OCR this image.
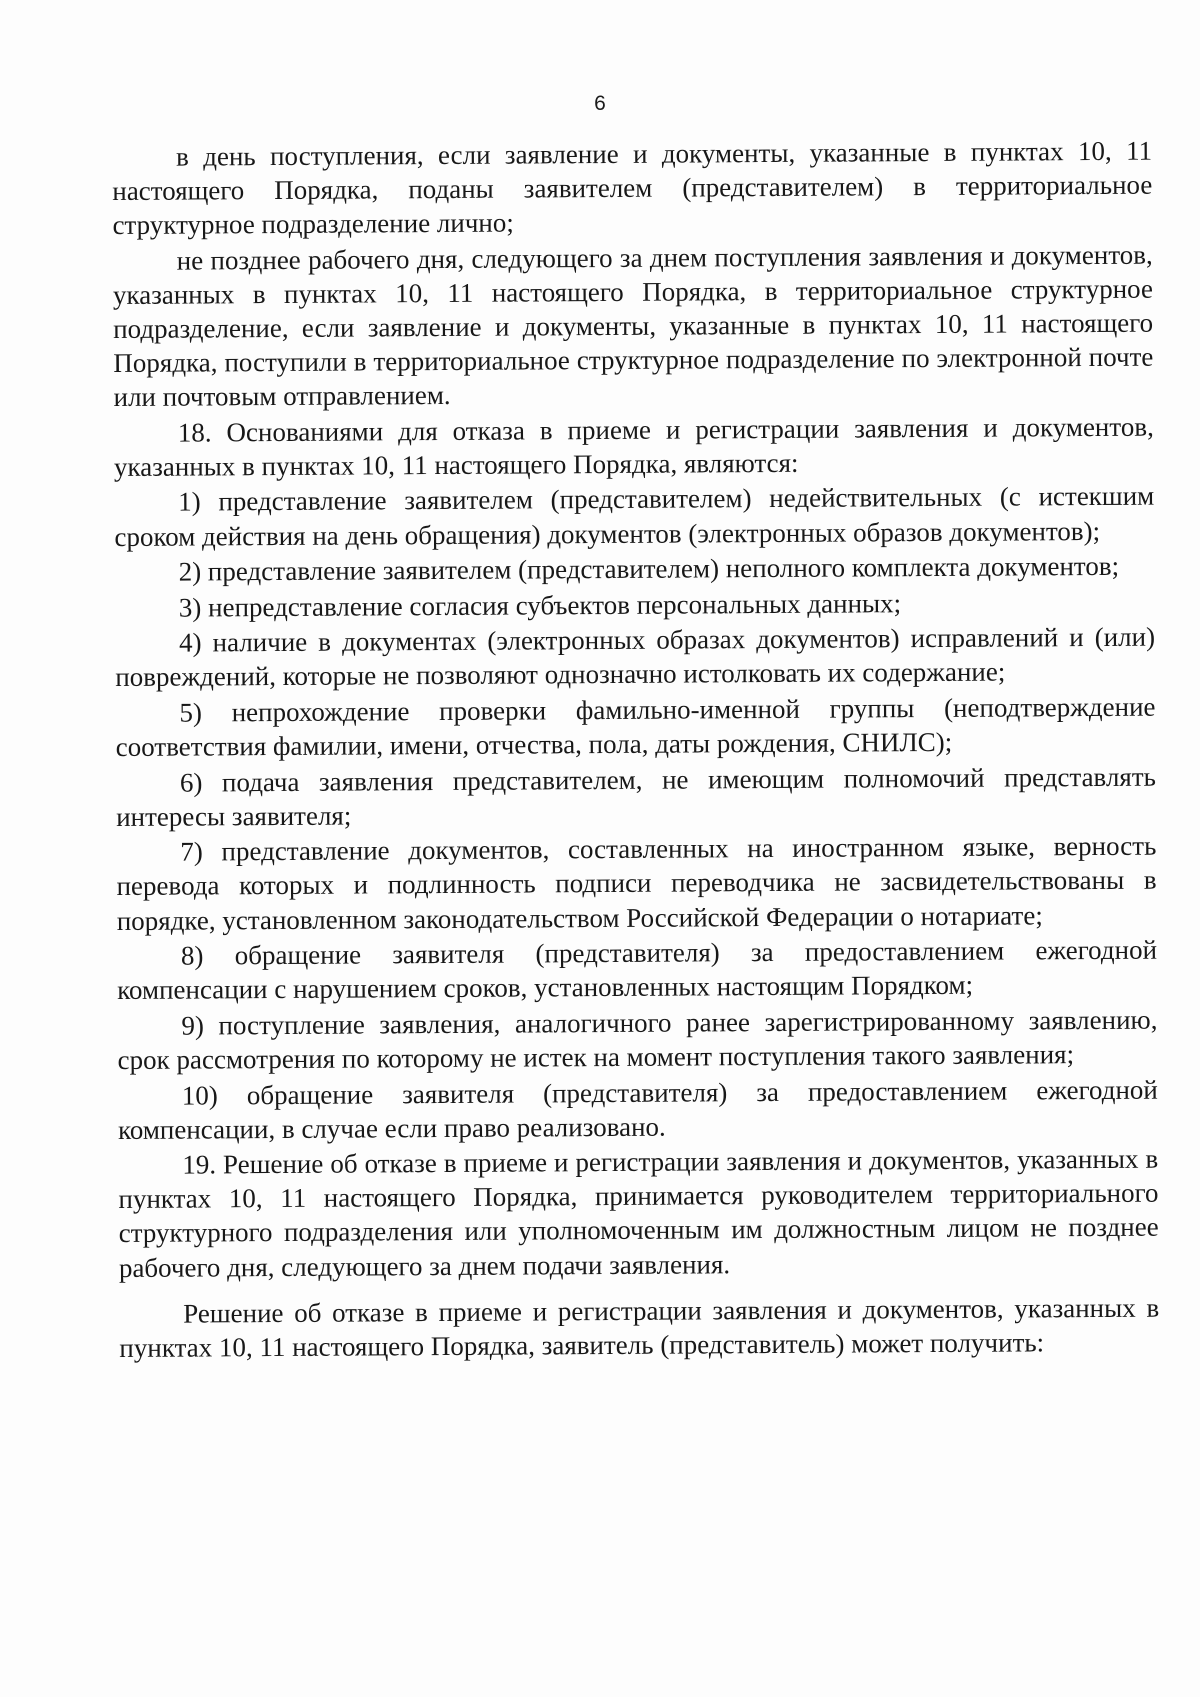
6

в день поступления, если заявление и документы, указанные в пунктах 10, 11 настоящего Порядка, поданы заявителем (представителем) в территориальное структурное подразделение лично;

не позднее рабочего дня, следующего за днем поступления заявления и документов, указанных в пунктах 10, 11 настоящего Порядка, в территориальное структурное подразделение, если заявление и документы, указанные в пунктах 10, 11 настоящего Порядка, поступили в территориальное структурное подразделение по электронной почте или почтовым отправлением.

18. Основаниями для отказа в приеме и регистрации заявления и документов, указанных в пунктах 10, 11 настоящего Порядка, являются:

1) представление заявителем (представителем) недействительных (с истекшим сроком действия на день обращения) документов (электронных образов документов);

2) представление заявителем (представителем) неполного комплекта документов;

3) непредставление согласия субъектов персональных данных;

4) наличие в документах (электронных образах документов) исправлений и (или) повреждений, которые не позволяют однозначно истолковать их содержание;

5) непрохождение проверки фамильно-именной группы (неподтверждение соответствия фамилии, имени, отчества, пола, даты рождения, СНИЛС);

6) подача заявления представителем, не имеющим полномочий представлять интересы заявителя;

7) представление документов, составленных на иностранном языке, верность перевода которых и подлинность подписи переводчика не засвидетельствованы в порядке, установленном законодательством Российской Федерации о нотариате;

8) обращение заявителя (представителя) за предоставлением ежегодной компенсации с нарушением сроков, установленных настоящим Порядком;

9) поступление заявления, аналогичного ранее зарегистрированному заявлению, срок рассмотрения по которому не истек на момент поступления такого заявления;

10) обращение заявителя (представителя) за предоставлением ежегодной компенсации, в случае если право реализовано.

19. Решение об отказе в приеме и регистрации заявления и документов, указанных в пунктах 10, 11 настоящего Порядка, принимается руководителем территориального структурного подразделения или уполномоченным им должностным лицом не позднее рабочего дня, следующего за днем подачи заявления.

Решение об отказе в приеме и регистрации заявления и документов, указанных в пунктах 10, 11 настоящего Порядка, заявитель (представитель) может получить:
